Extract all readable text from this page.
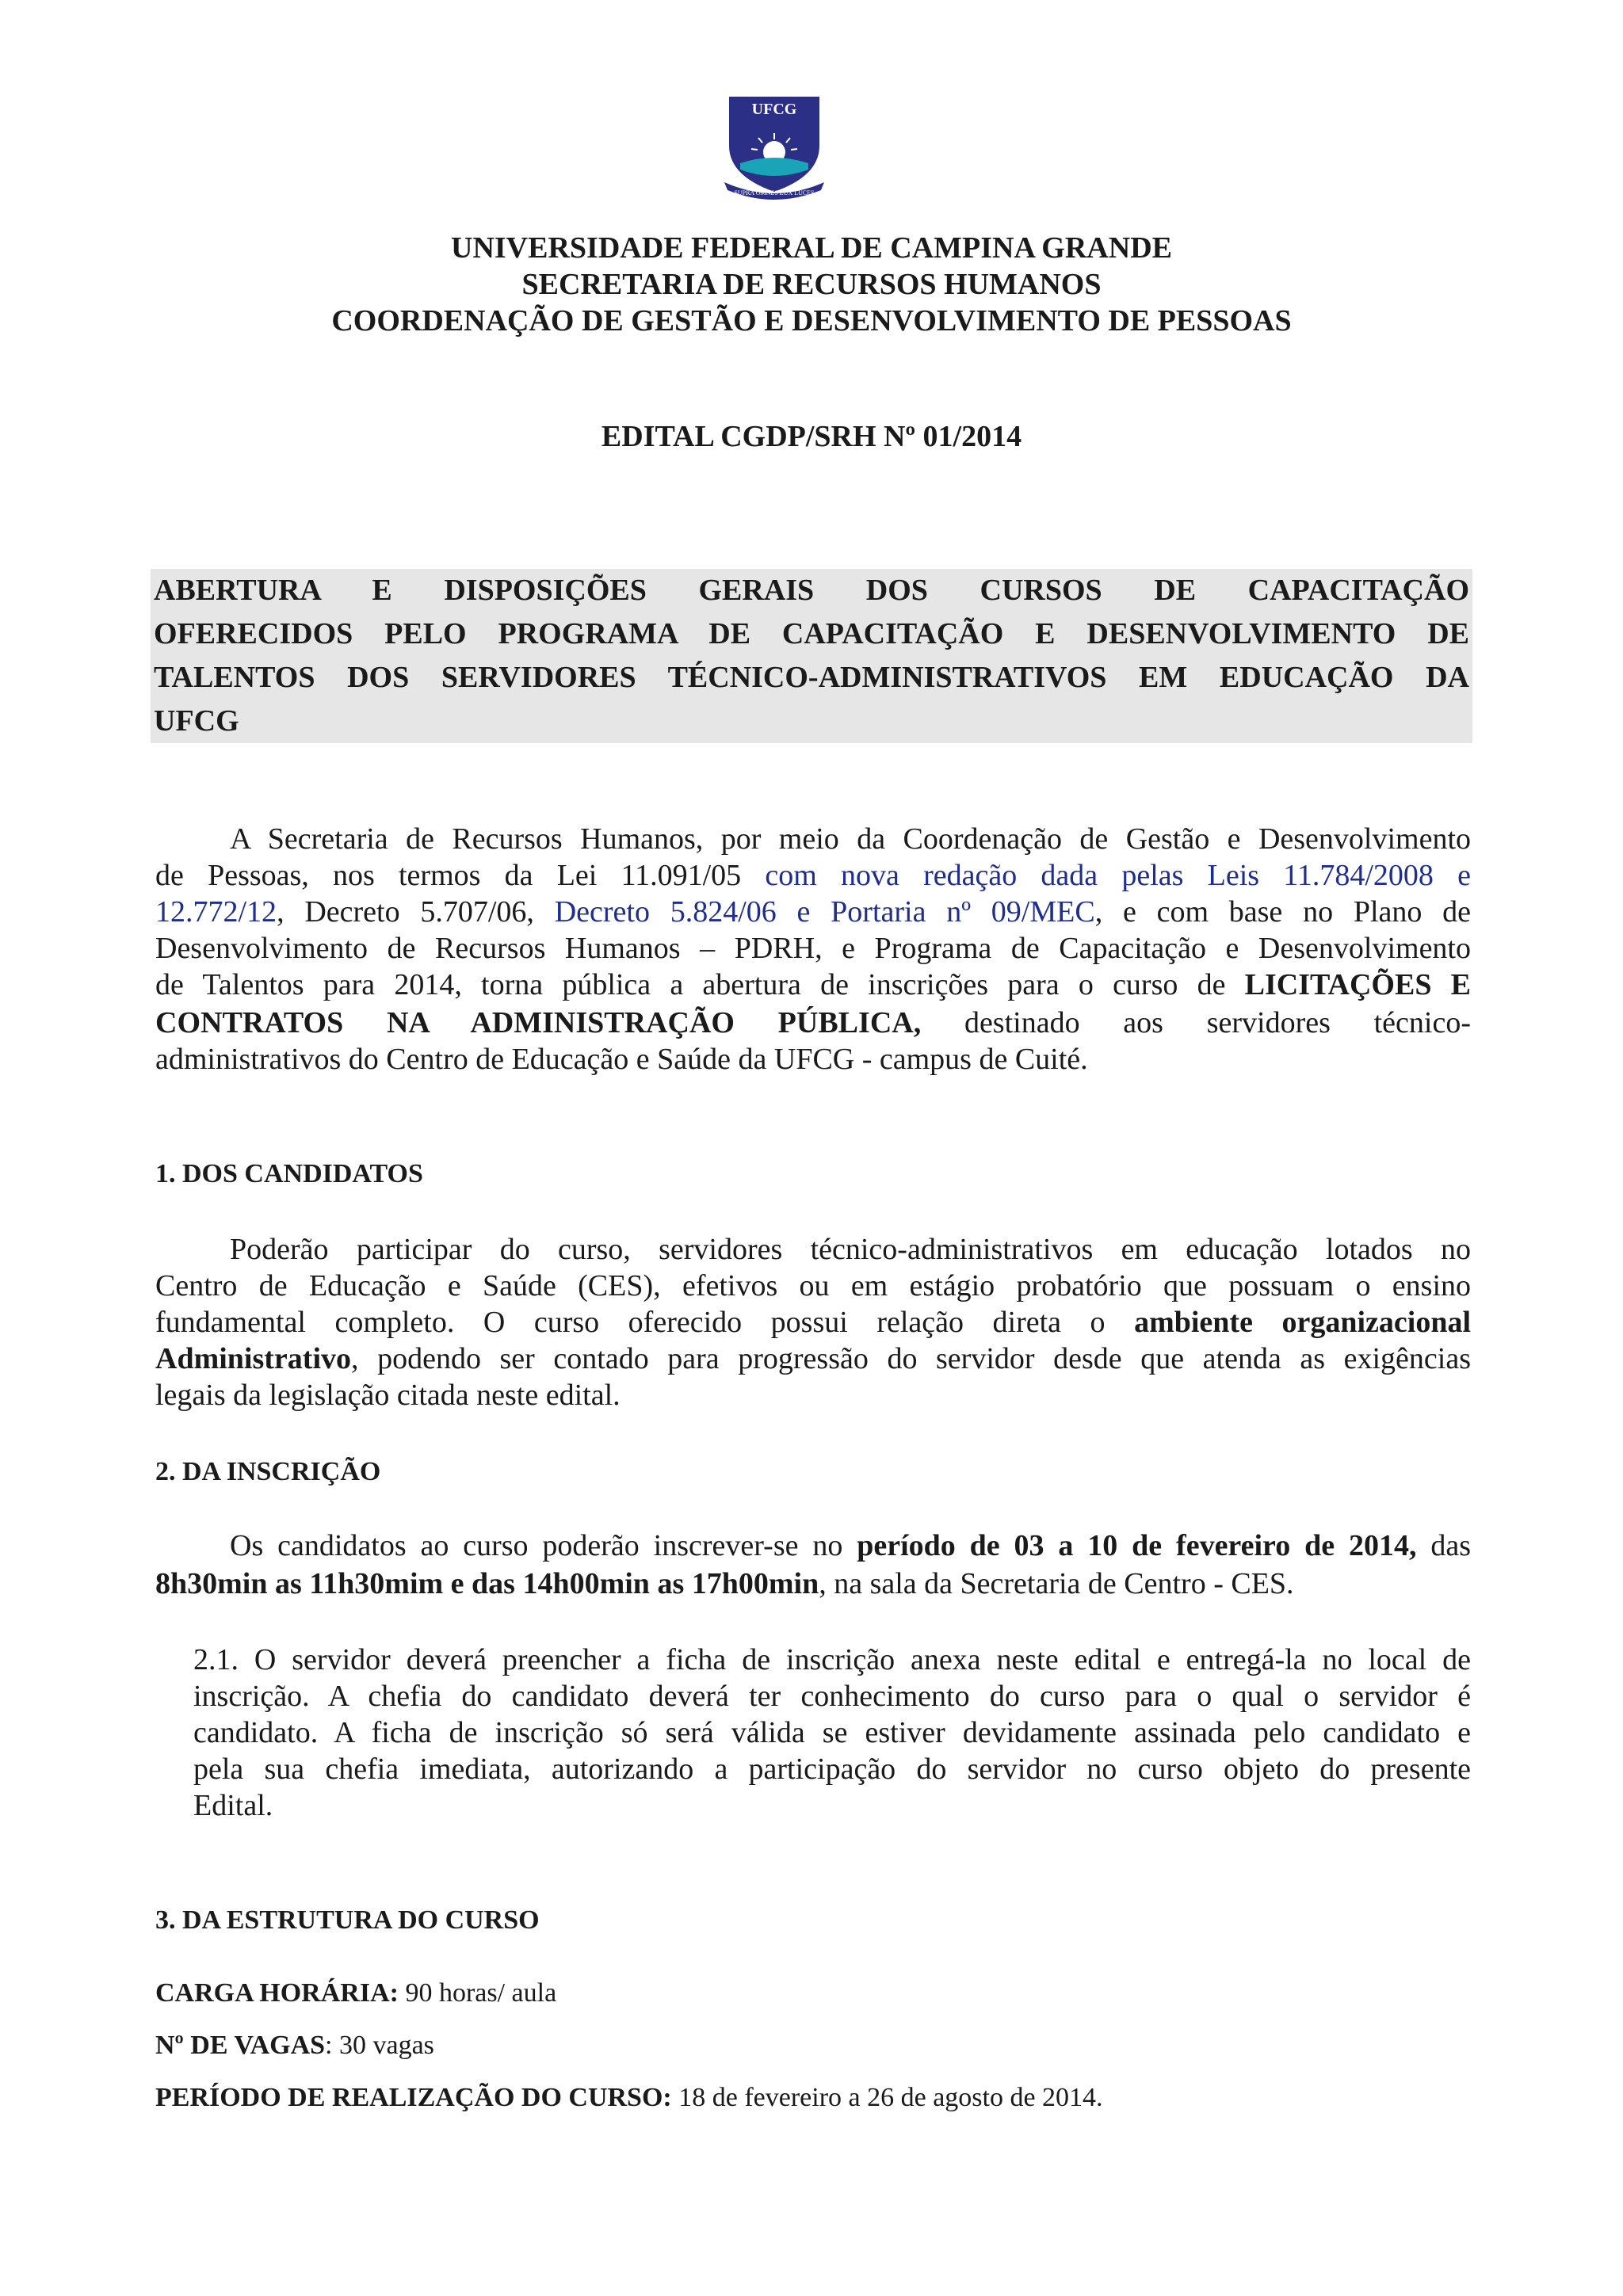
UFCG
SUPRA OMNES LUX LUCES
UNIVERSIDADE FEDERAL DE CAMPINA GRANDE
SECRETARIA DE RECURSOS HUMANOS
COORDENAÇÃO DE GESTÃO E DESENVOLVIMENTO DE PESSOAS
EDITAL CGDP/SRH Nº 01/2014
ABERTURA E DISPOSIÇÕES GERAIS DOS CURSOS DE CAPACITAÇÃO
OFERECIDOS PELO PROGRAMA DE CAPACITAÇÃO E DESENVOLVIMENTO DE
TALENTOS DOS SERVIDORES TÉCNICO-ADMINISTRATIVOS EM EDUCAÇÃO DA
UFCG
A Secretaria de Recursos Humanos, por meio da Coordenação de Gestão e Desenvolvimento
de Pessoas, nos termos da Lei 11.091/05 com nova redação dada pelas Leis 11.784/2008 e
12.772/12, Decreto 5.707/06, Decreto 5.824/06 e Portaria nº 09/MEC, e com base no Plano de
Desenvolvimento de Recursos Humanos – PDRH, e Programa de Capacitação e Desenvolvimento
de Talentos para 2014, torna pública a abertura de inscrições para o curso de LICITAÇÕES E
CONTRATOS NA ADMINISTRAÇÃO PÚBLICA, destinado aos servidores técnico-
administrativos do Centro de Educação e Saúde da UFCG - campus de Cuité.
1. DOS CANDIDATOS
Poderão participar do curso, servidores técnico-administrativos em educação lotados no
Centro de Educação e Saúde (CES), efetivos ou em estágio probatório que possuam o ensino
fundamental completo. O curso oferecido possui relação direta o ambiente organizacional
Administrativo, podendo ser contado para progressão do servidor desde que atenda as exigências
legais da legislação citada neste edital.
2. DA INSCRIÇÃO
Os candidatos ao curso poderão inscrever-se no período de 03 a 10 de fevereiro de 2014, das
8h30min as 11h30mim e das 14h00min as 17h00min, na sala da Secretaria de Centro - CES.
2.1. O servidor deverá preencher a ficha de inscrição anexa neste edital e entregá-la no local de
inscrição. A chefia do candidato deverá ter conhecimento do curso para o qual o servidor é
candidato. A ficha de inscrição só será válida se estiver devidamente assinada pelo candidato e
pela sua chefia imediata, autorizando a participação do servidor no curso objeto do presente
Edital.
3. DA ESTRUTURA DO CURSO
CARGA HORÁRIA: 90 horas/ aula
Nº DE VAGAS: 30 vagas
PERÍODO DE REALIZAÇÃO DO CURSO: 18 de fevereiro a 26 de agosto de 2014.
